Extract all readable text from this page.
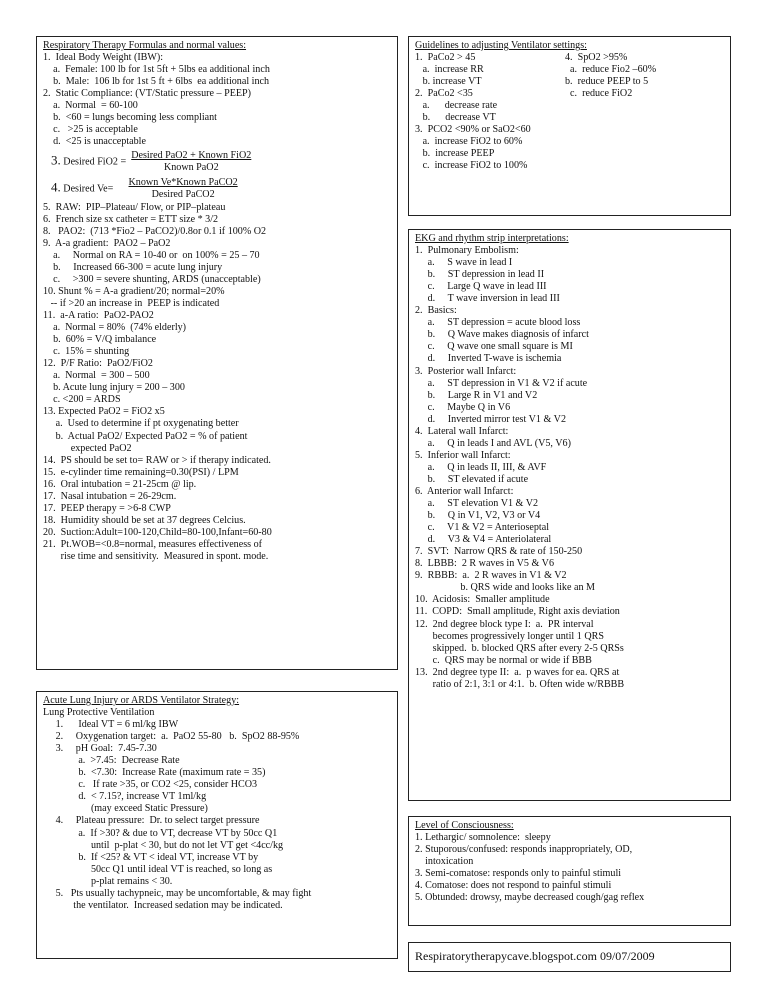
Respiratory Therapy Formulas and normal values:
1.  Ideal Body Weight (IBW):
a.  Female: 100 lb for 1st 5ft + 5lbs ea additional inch
b.  Male:  106 lb for 1st 5 ft + 6lbs  ea additional inch
2.  Static Compliance: (VT/Static pressure – PEEP)
a.  Normal  = 60-100
b.  <60 = lungs becoming less compliant
c.   >25 is acceptable
d.  <25 is unacceptable
3. Desired $FiO2 = \frac{\text{Desired PaO2 + Known FiO2}}{\text{Known PaO2}}$
4. Desired $Ve= \frac{\text{Known Ve*Known PaCO2}}{\text{Desired PaCO2}}$
5.  RAW:  PIP–Plateau/ Flow, or PIP–plateau
6.  French size sx catheter = ETT size * 3/2
8.   PAO2:  (713 *Fio2 – PaCO2)/0.8or 0.1 if 100% O2
9.  A-a gradient:  PAO2 – PaO2
a.     Normal on RA = 10-40 or  on 100% = 25 – 70
b.     Increased 66-300 = acute lung injury
c.     >300 = severe shunting, ARDS (unacceptable)
10. Shunt % = A-a gradient/20; normal=20%
-- if >20 an increase in  PEEP is indicated
11.  a-A ratio:  PaO2-PAO2
a.  Normal = 80%  (74% elderly)
b.  60% = V/Q imbalance
c.  15% = shunting
12.  P/F Ratio:  PaO2/FiO2
a.  Normal  = 300 – 500
b. Acute lung injury = 200 – 300
c. <200 = ARDS
13. Expected PaO2 = FiO2 x5
a.  Used to determine if pt oxygenating better
b.  Actual PaO2/ Expected PaO2 = % of patient
expected PaO2
14.  PS should be set to= RAW or > if therapy indicated.
15.  e-cylinder time remaining=0.30(PSI) / LPM
16.  Oral intubation = 21-25cm @ lip.
17.  Nasal intubation = 26-29cm.
17.  PEEP therapy = >6-8 CWP
18.  Humidity should be set at 37 degrees Celcius.
20.  Suction:Adult=100-120,Child=80-100,Infant=60-80
21.  Pt.WOB=<0.8=normal, measures effectiveness of
rise time and sensitivity.  Measured in spont. mode.
Acute Lung Injury or ARDS Ventilator Strategy:
Lung Protective Ventilation
1.      Ideal VT = 6 ml/kg IBW
2.     Oxygenation target:  a.  PaO2 55-80   b.  SpO2 88-95%
3.     pH Goal:  7.45-7.30
a.  >7.45:  Decrease Rate
b.  <7.30:  Increase Rate (maximum rate = 35)
c.   If rate >35, or CO2 <25, consider HCO3
d.  < 7.15?, increase VT 1ml/kg
(may exceed Static Pressure)
4.     Plateau pressure:  Dr. to select target pressure
a.  If >30? & due to VT, decrease VT by 50cc Q1
until  p-plat < 30, but do not let VT get <4cc/kg
b.  If <25? & VT < ideal VT, increase VT by
50cc Q1 until ideal VT is reached, so long as
p-plat remains < 30.
5.   Pts usually tachypneic, may be uncomfortable, & may fight
the ventilator.  Increased sedation may be indicated.
Guidelines to adjusting Ventilator settings:
1.  PaCo2 > 45
a.  increase RR
b. increase VT
2.  PaCo2 <35
a.      decrease rate
b.      decrease VT
3.  PCO2 <90% or SaO2<60
a.  increase FiO2 to 60%
b.  increase PEEP
c.  increase FiO2 to 100%
4.  SpO2 >95%
a.  reduce Fio2 –60%
b.  reduce PEEP to 5
c.  reduce FiO2
EKG and rhythm strip interpretations:
1.  Pulmonary Embolism:
a.     S wave in lead I
b.     ST depression in lead II
c.     Large Q wave in lead III
d.     T wave inversion in lead III
2.  Basics:
a.     ST depression = acute blood loss
b.     Q Wave makes diagnosis of infarct
c.     Q wave one small square is MI
d.     Inverted T-wave is ischemia
3.  Posterior wall Infarct:
a.     ST depression in V1 & V2 if acute
b.     Large R in V1 and V2
c.     Maybe Q in V6
d.     Inverted mirror test V1 & V2
4.  Lateral wall Infarct:
a.     Q in leads I and AVL (V5, V6)
5.  Inferior wall Infarct:
a.     Q in leads II, III, & AVF
b.     ST elevated if acute
6.  Anterior wall Infarct:
a.     ST elevation V1 & V2
b.     Q in V1, V2, V3 or V4
c.     V1 & V2 = Anterioseptal
d.     V3 & V4 = Anteriolateral
7.  SVT:  Narrow QRS & rate of 150-250
8.  LBBB:  2 R waves in V5 & V6
9.  RBBB:  a.  2 R waves in V1 & V2
b. QRS wide and looks like an M
10.  Acidosis:  Smaller amplitude
11.  COPD:  Small amplitude, Right axis deviation
12.  2nd degree block type I:  a.  PR interval
becomes progressively longer until 1 QRS
skipped.  b. blocked QRS after every 2-5 QRSs
c.  QRS may be normal or wide if BBB
13.  2nd degree type II:  a.  p waves for ea. QRS at
ratio of 2:1, 3:1 or 4:1.  b. Often wide w/RBBB
Level of Consciousness:
1. Lethargic/ somnolence:  sleepy
2. Stuporous/confused: responds inappropriately, OD,
intoxication
3. Semi-comatose: responds only to painful stimuli
4. Comatose: does not respond to painful stimuli
5. Obtunded: drowsy, maybe decreased cough/gag reflex
Respiratorytherapycave.blogspot.com 09/07/2009
